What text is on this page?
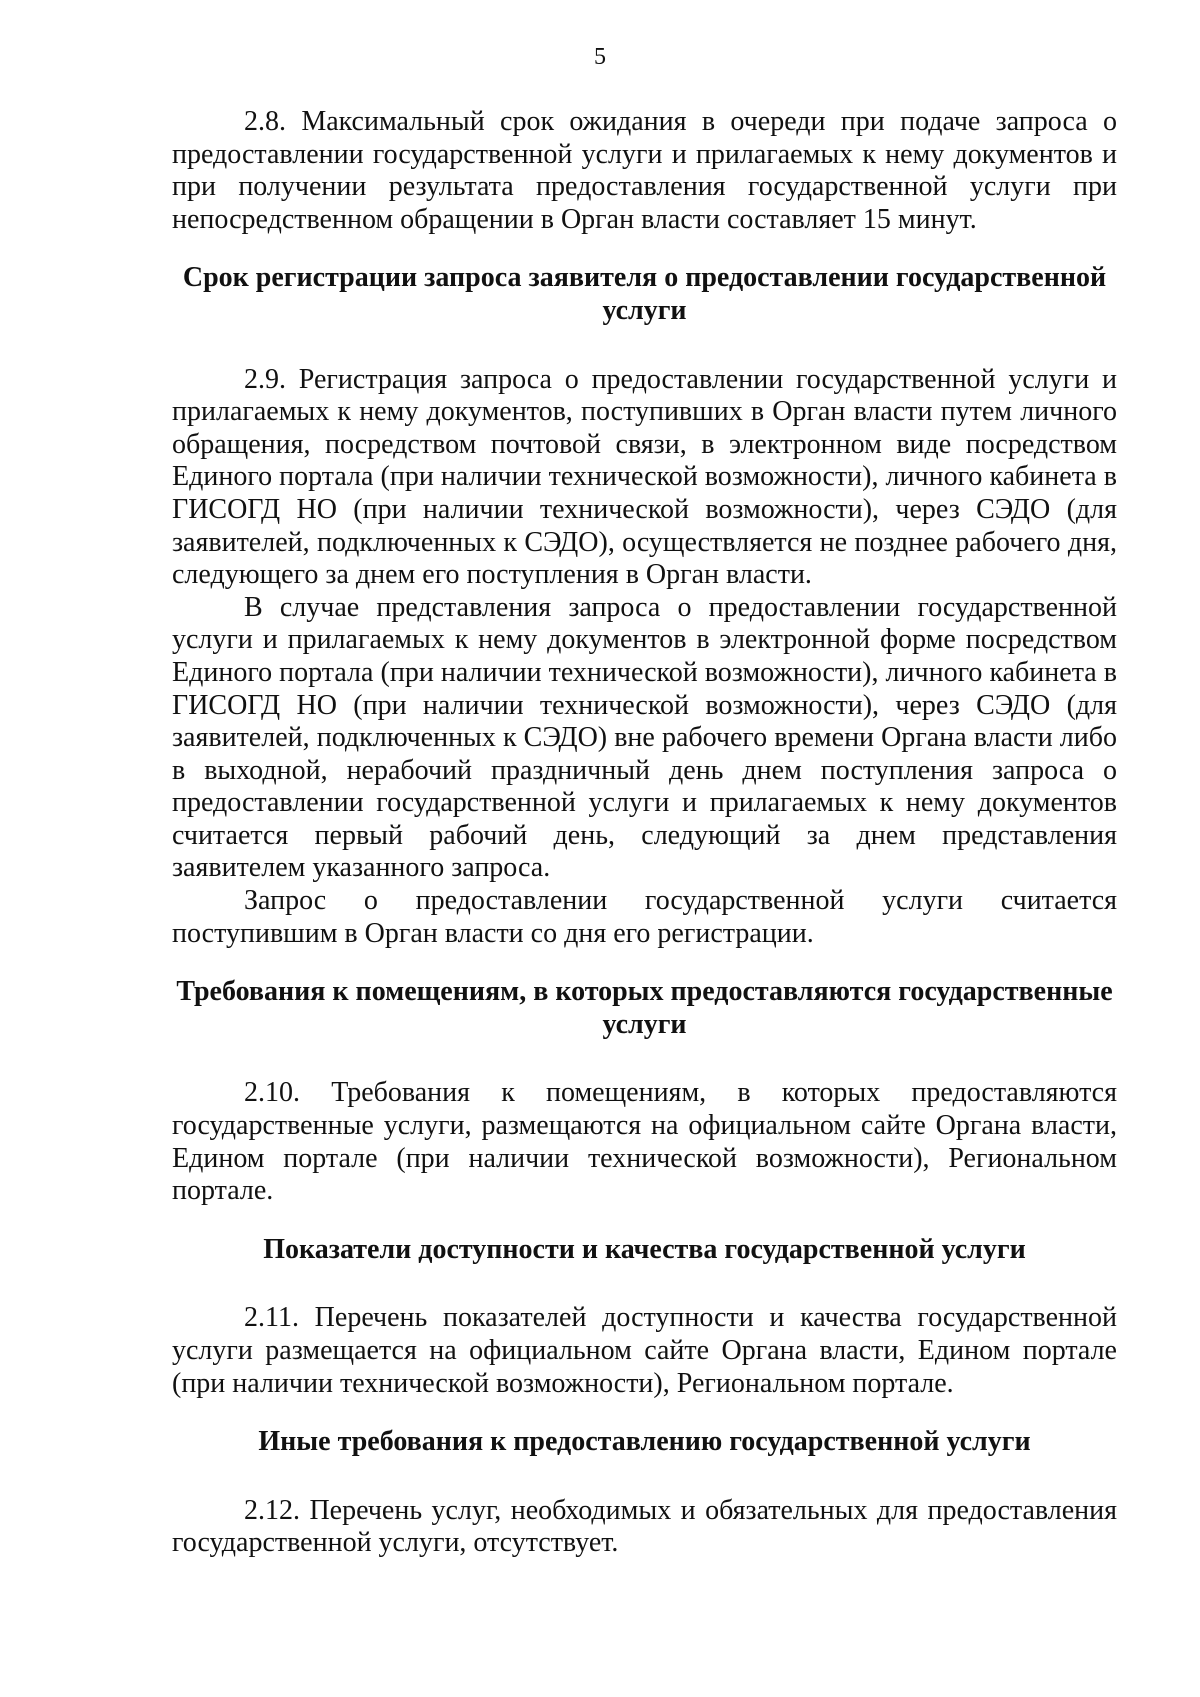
5

2.8. Максимальный срок ожидания в очереди при подаче запроса о предоставлении государственной услуги и прилагаемых к нему документов и при получении результата предоставления государственной услуги при непосредственном обращении в Орган власти составляет 15 минут.

Срок регистрации запроса заявителя о предоставлении государственной услуги

2.9. Регистрация запроса о предоставлении государственной услуги и прилагаемых к нему документов, поступивших в Орган власти путем личного обращения, посредством почтовой связи, в электронном виде посредством Единого портала (при наличии технической возможности), личного кабинета в ГИСОГД НО (при наличии технической возможности), через СЭДО (для заявителей, подключенных к СЭДО), осуществляется не позднее рабочего дня, следующего за днем его поступления в Орган власти.

В случае представления запроса о предоставлении государственной услуги и прилагаемых к нему документов в электронной форме посредством Единого портала (при наличии технической возможности), личного кабинета в ГИСОГД НО (при наличии технической возможности), через СЭДО (для заявителей, подключенных к СЭДО) вне рабочего времени Органа власти либо в выходной, нерабочий праздничный день днем поступления запроса о предоставлении государственной услуги и прилагаемых к нему документов считается первый рабочий день, следующий за днем представления заявителем указанного запроса.

Запрос о предоставлении государственной услуги считается поступившим в Орган власти со дня его регистрации.

Требования к помещениям, в которых предоставляются государственные услуги

2.10. Требования к помещениям, в которых предоставляются государственные услуги, размещаются на официальном сайте Органа власти, Едином портале (при наличии технической возможности), Региональном портале.

Показатели доступности и качества государственной услуги

2.11. Перечень показателей доступности и качества государственной услуги размещается на официальном сайте Органа власти, Едином портале (при наличии технической возможности), Региональном портале.

Иные требования к предоставлению государственной услуги

2.12. Перечень услуг, необходимых и обязательных для предоставления государственной услуги, отсутствует.
